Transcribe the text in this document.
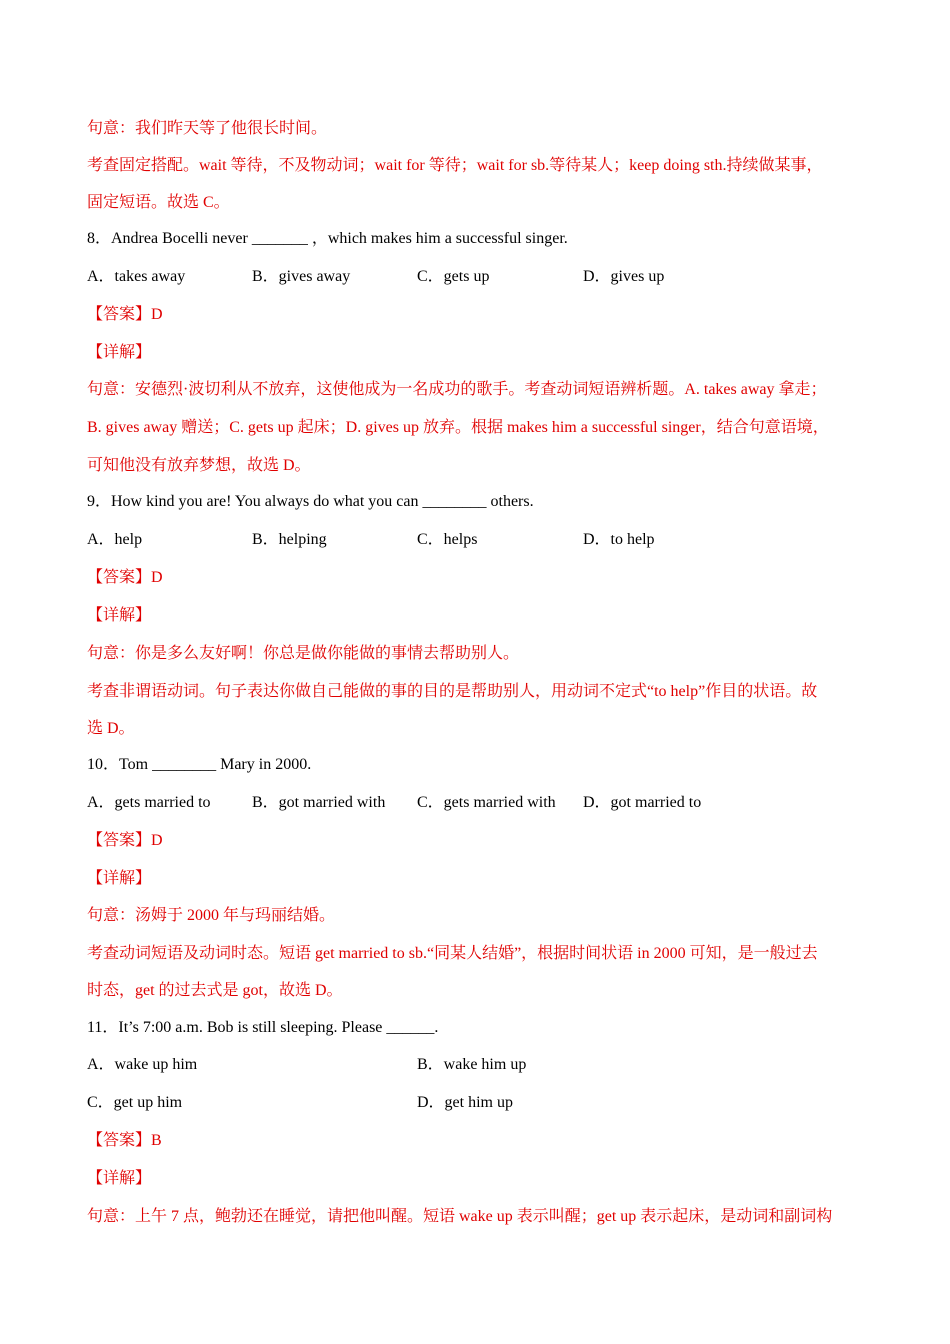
句意：我们昨天等了他很长时间。
考查固定搭配。wait 等待，不及物动词；wait for 等待；wait for sb.等待某人；keep doing sth.持续做某事，
固定短语。故选 C。
8．Andrea Bocelli never _______ ，which makes him a successful singer.
A．takes away	B．gives away	C．gets up	D．gives up
【答案】D
【详解】
句意：安德烈·波切利从不放弃，这使他成为一名成功的歌手。考查动词短语辨析题。A. takes away 拿走；
B. gives away 赠送；C. gets up 起床；D. gives up 放弃。根据 makes him a successful singer，结合句意语境，
可知他没有放弃梦想，故选 D。
9．How kind you are! You always do what you can ________ others.
A．help	B．helping	C．helps	D．to help
【答案】D
【详解】
句意：你是多么友好啊！你总是做你能做的事情去帮助别人。
考查非谓语动词。句子表达你做自己能做的事的目的是帮助别人，用动词不定式“to help”作目的状语。故
选 D。
10．Tom ________ Mary in 2000.
A．gets married to	B．got married with C．gets married with D．got married to
【答案】D
【详解】
句意：汤姆于 2000 年与玛丽结婚。
考查动词短语及动词时态。短语 get married to sb.“同某人结婚”，根据时间状语 in 2000 可知，是一般过去
时态，get 的过去式是 got，故选 D。
11．It’s 7:00 a.m. Bob is still sleeping. Please ______.
A．wake up him	B．wake him up
C．get up him	D．get him up
【答案】B
【详解】
句意：上午 7 点，鲍勃还在睡觉，请把他叫醒。短语 wake up 表示叫醒；get up 表示起床，是动词和副词构
